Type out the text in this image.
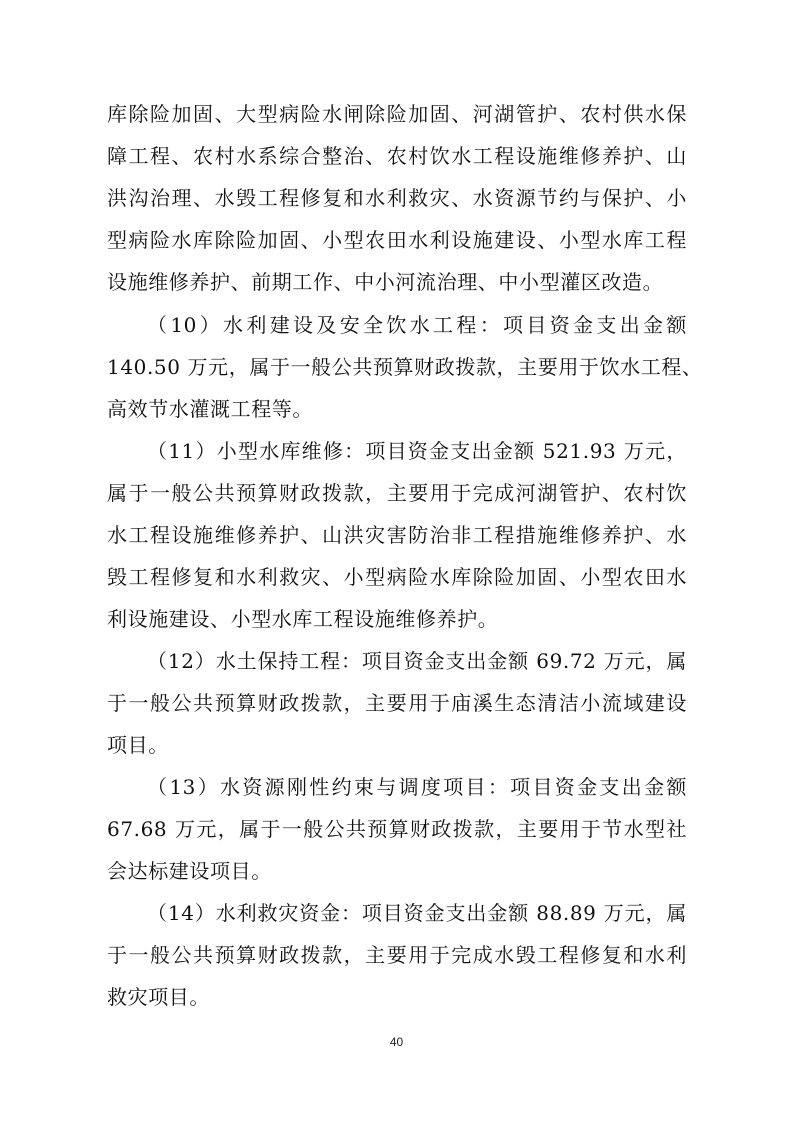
库除险加固、大型病险水闸除险加固、河湖管护、农村供水保
障工程、农村水系综合整治、农村饮水工程设施维修养护、山
洪沟治理、水毁工程修复和水利救灾、水资源节约与保护、小
型病险水库除险加固、小型农田水利设施建设、小型水库工程
设施维修养护、前期工作、中小河流治理、中小型灌区改造。
（10）水利建设及安全饮水工程：项目资金支出金额
140.50 万元，属于一般公共预算财政拨款，主要用于饮水工程、
高效节水灌溉工程等。
（11）小型水库维修：项目资金支出金额 521.93 万元，
属于一般公共预算财政拨款，主要用于完成河湖管护、农村饮
水工程设施维修养护、山洪灾害防治非工程措施维修养护、水
毁工程修复和水利救灾、小型病险水库除险加固、小型农田水
利设施建设、小型水库工程设施维修养护。
（12）水土保持工程：项目资金支出金额 69.72 万元，属
于一般公共预算财政拨款，主要用于庙溪生态清洁小流域建设
项目。
（13）水资源刚性约束与调度项目：项目资金支出金额
67.68 万元，属于一般公共预算财政拨款，主要用于节水型社
会达标建设项目。
（14）水利救灾资金：项目资金支出金额 88.89 万元，属
于一般公共预算财政拨款，主要用于完成水毁工程修复和水利
救灾项目。
40
